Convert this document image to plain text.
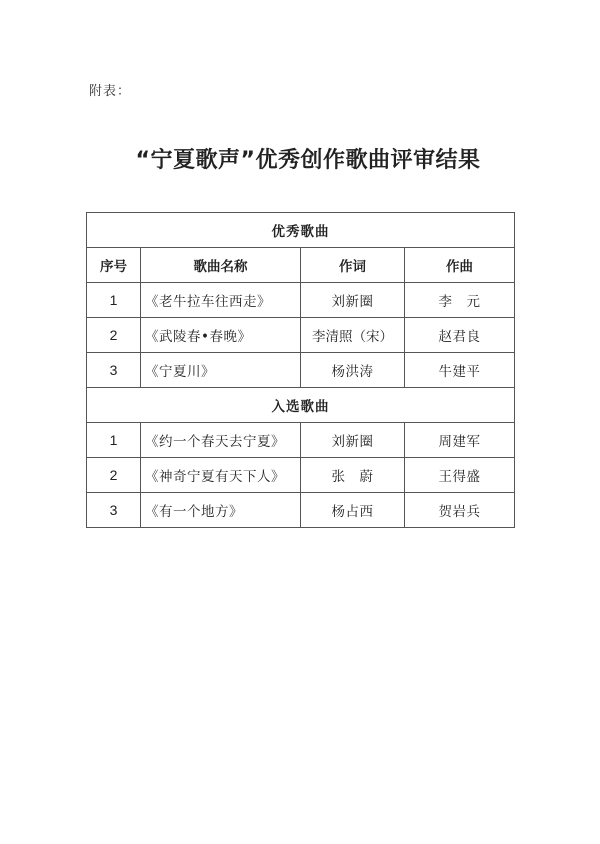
附表：
“宁夏歌声”优秀创作歌曲评审结果
优秀歌曲			
序号	歌曲名称	作词	作曲
1	《老牛拉车往西走》	刘新圈	李　元
2	《武陵春•春晚》	李清照（宋）	赵君良
3	《宁夏川》	杨洪涛	牛建平
入选歌曲			
1	《约一个春天去宁夏》	刘新圈	周建军
2	《神奇宁夏有天下人》	张　蔚	王得盛
3	《有一个地方》	杨占西	贺岩兵
